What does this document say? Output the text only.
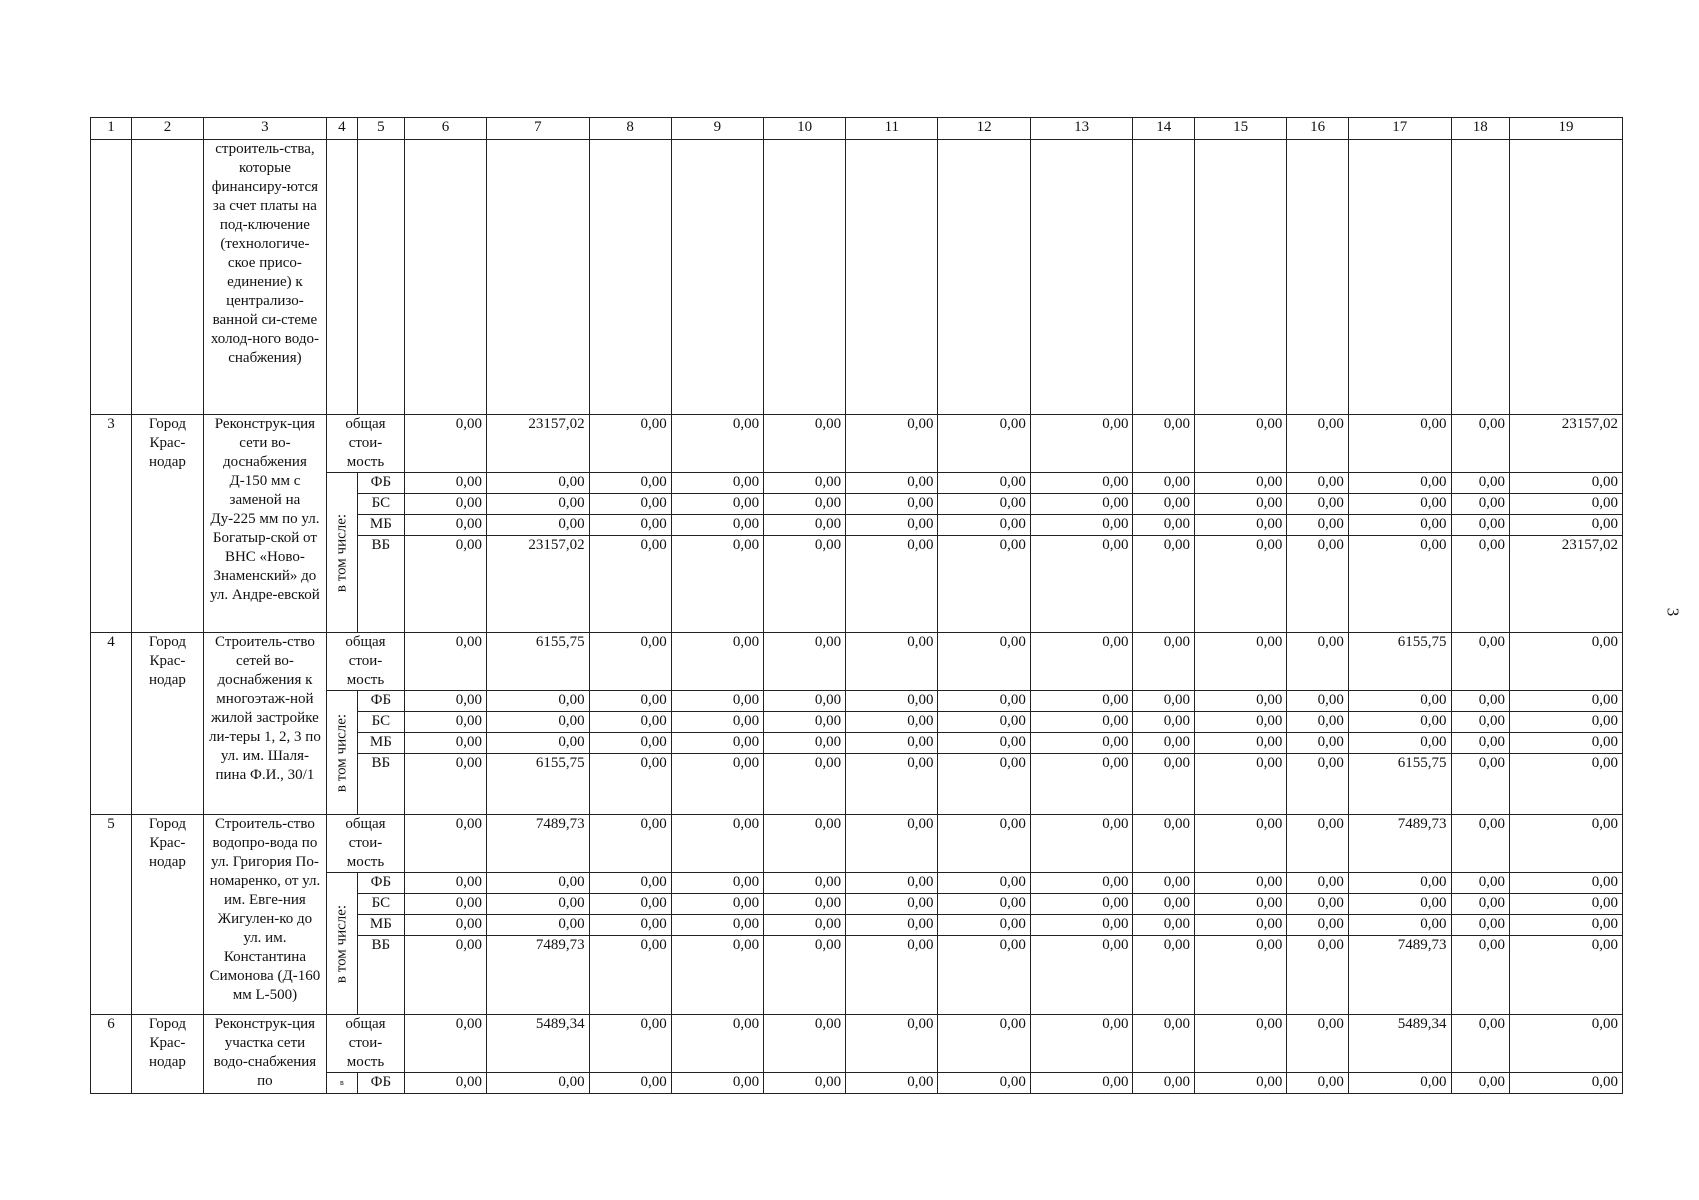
3
1	2	3	4	5	6	7	8	9	10	11	12	13	14	15	16	17	18	19
		строитель-ства, которые финансиру-ются за счет платы на под-ключение (технологиче-ское присо-единение) к централизо-ванной си-стеме холод-ного водо-снабжения)																
3	Город Крас-нодар	Реконструк-ция сети во-доснабжения Д-150 мм с заменой на Ду-225 мм по ул. Богатыр-ской от ВНС «Ново-Знаменский» до ул. Андре-евской	общая стои-мость		0,00	23157,02	0,00	0,00	0,00	0,00	0,00	0,00	0,00	0,00	0,00	0,00	0,00	23157,02

			в том числе:	ФБ	0,00	0,00	0,00	0,00	0,00	0,00	0,00	0,00	0,00	0,00	0,00	0,00	0,00	0,00
				БС	0,00	0,00	0,00	0,00	0,00	0,00	0,00	0,00	0,00	0,00	0,00	0,00	0,00	0,00
				МБ	0,00	0,00	0,00	0,00	0,00	0,00	0,00	0,00	0,00	0,00	0,00	0,00	0,00	0,00
				ВБ	0,00	23157,02	0,00	0,00	0,00	0,00	0,00	0,00	0,00	0,00	0,00	0,00	0,00	23157,02
4	Город Крас-нодар	Строитель-ство сетей во-доснабжения к многоэтаж-ной жилой застройке ли-теры 1, 2, 3 по ул. им. Шаля-пина Ф.И., 30/1	общая стои-мость		0,00	6155,75	0,00	0,00	0,00	0,00	0,00	0,00	0,00	0,00	0,00	6155,75	0,00	0,00

			в том числе:	ФБ	0,00	0,00	0,00	0,00	0,00	0,00	0,00	0,00	0,00	0,00	0,00	0,00	0,00	0,00
				БС	0,00	0,00	0,00	0,00	0,00	0,00	0,00	0,00	0,00	0,00	0,00	0,00	0,00	0,00
				МБ	0,00	0,00	0,00	0,00	0,00	0,00	0,00	0,00	0,00	0,00	0,00	0,00	0,00	0,00
				ВБ	0,00	6155,75	0,00	0,00	0,00	0,00	0,00	0,00	0,00	0,00	0,00	6155,75	0,00	0,00
5	Город Крас-нодар	Строитель-ство водопро-вода по ул. Григория По-номаренко, от ул. им. Евге-ния Жигулен-ко до ул. им. Константина Симонова (Д-160 мм L-500)	общая стои-мость		0,00	7489,73	0,00	0,00	0,00	0,00	0,00	0,00	0,00	0,00	0,00	7489,73	0,00	0,00

			в том числе:	ФБ	0,00	0,00	0,00	0,00	0,00	0,00	0,00	0,00	0,00	0,00	0,00	0,00	0,00	0,00
				БС	0,00	0,00	0,00	0,00	0,00	0,00	0,00	0,00	0,00	0,00	0,00	0,00	0,00	0,00
				МБ	0,00	0,00	0,00	0,00	0,00	0,00	0,00	0,00	0,00	0,00	0,00	0,00	0,00	0,00
				ВБ	0,00	7489,73	0,00	0,00	0,00	0,00	0,00	0,00	0,00	0,00	0,00	7489,73	0,00	0,00
6	Город Крас-нодар	Реконструк-ция участка сети водо-снабжения по	общая стои-мость		0,00	5489,34	0,00	0,00	0,00	0,00	0,00	0,00	0,00	0,00	0,00	5489,34	0,00	0,00
			в	ФБ	0,00	0,00	0,00	0,00	0,00	0,00	0,00	0,00	0,00	0,00	0,00	0,00	0,00	0,00
